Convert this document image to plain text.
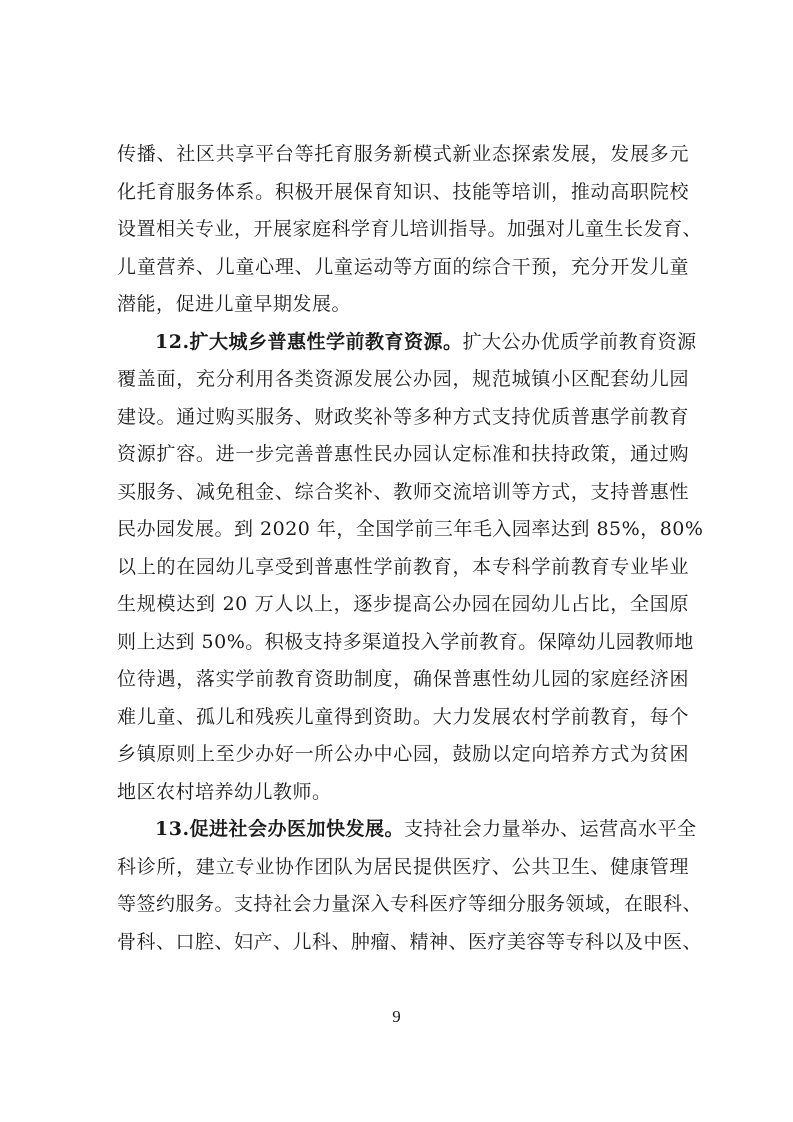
传播、社区共享平台等托育服务新模式新业态探索发展，发展多元
化托育服务体系。积极开展保育知识、技能等培训，推动高职院校
设置相关专业，开展家庭科学育儿培训指导。加强对儿童生长发育、
儿童营养、儿童心理、儿童运动等方面的综合干预，充分开发儿童
潜能，促进儿童早期发展。
12.扩大城乡普惠性学前教育资源。扩大公办优质学前教育资源
覆盖面，充分利用各类资源发展公办园，规范城镇小区配套幼儿园
建设。通过购买服务、财政奖补等多种方式支持优质普惠学前教育
资源扩容。进一步完善普惠性民办园认定标准和扶持政策，通过购
买服务、减免租金、综合奖补、教师交流培训等方式，支持普惠性
民办园发展。到 2020 年，全国学前三年毛入园率达到 85%，80%
以上的在园幼儿享受到普惠性学前教育，本专科学前教育专业毕业
生规模达到 20 万人以上，逐步提高公办园在园幼儿占比，全国原
则上达到 50%。积极支持多渠道投入学前教育。保障幼儿园教师地
位待遇，落实学前教育资助制度，确保普惠性幼儿园的家庭经济困
难儿童、孤儿和残疾儿童得到资助。大力发展农村学前教育，每个
乡镇原则上至少办好一所公办中心园，鼓励以定向培养方式为贫困
地区农村培养幼儿教师。
13.促进社会办医加快发展。支持社会力量举办、运营高水平全
科诊所，建立专业协作团队为居民提供医疗、公共卫生、健康管理
等签约服务。支持社会力量深入专科医疗等细分服务领域，在眼科、
骨科、口腔、妇产、儿科、肿瘤、精神、医疗美容等专科以及中医、
9
